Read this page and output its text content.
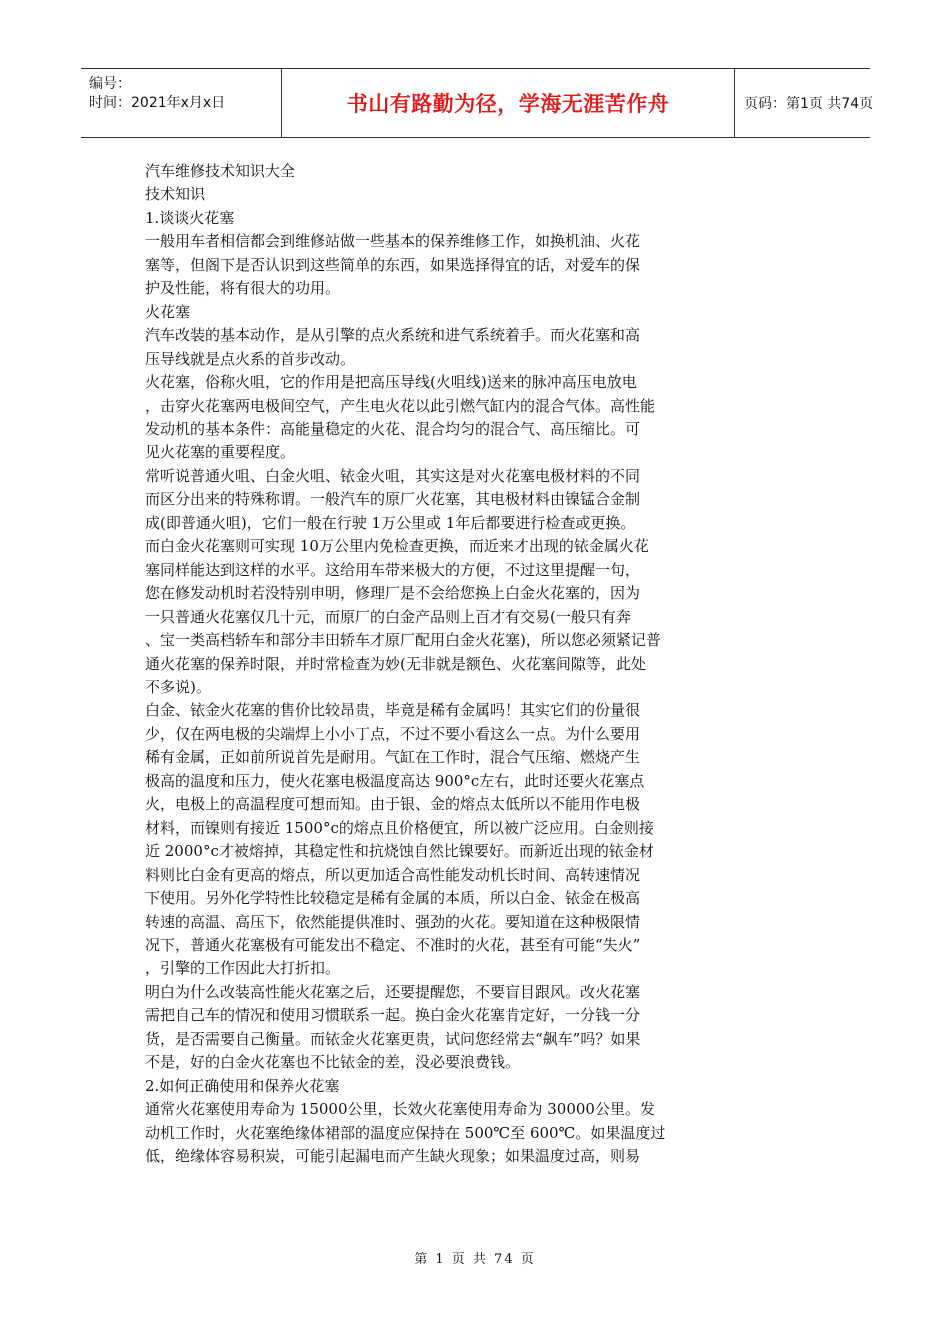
编号：
时间：2021年x月x日	书山有路勤为径，学海无涯苦作舟	页码：第1页 共74页

汽车维修技术知识大全

技术知识

1.谈谈火花塞

一般用车者相信都会到维修站做一些基本的保养维修工作，如换机油、火花

塞等，但阁下是否认识到这些简单的东西，如果选择得宜的话，对爱车的保

护及性能，将有很大的功用。

火花塞

汽车改装的基本动作，是从引擎的点火系统和进气系统着手。而火花塞和高

压导线就是点火系的首步改动。

火花塞，俗称火咀，它的作用是把高压导线(火咀线)送来的脉冲高压电放电

，击穿火花塞两电极间空气，产生电火花以此引燃气缸内的混合气体。高性能

发动机的基本条件：高能量稳定的火花、混合均匀的混合气、高压缩比。可

见火花塞的重要程度。

常听说普通火咀、白金火咀、铱金火咀，其实这是对火花塞电极材料的不同

而区分出来的特殊称谓。一般汽车的原厂火花塞，其电极材料由镍锰合金制

成(即普通火咀)，它们一般在行驶 1万公里或 1年后都要进行检查或更换。

而白金火花塞则可实现 10万公里内免检查更换，而近来才出现的铱金属火花

塞同样能达到这样的水平。这给用车带来极大的方便，不过这里提醒一句，

您在修发动机时若没特别申明，修理厂是不会给您换上白金火花塞的，因为

一只普通火花塞仅几十元，而原厂的白金产品则上百才有交易(一般只有奔

、宝一类高档轿车和部分丰田轿车才原厂配用白金火花塞)，所以您必须紧记普

通火花塞的保养时限，并时常检查为妙(无非就是额色、火花塞间隙等，此处

不多说)。

白金、铱金火花塞的售价比较昂贵，毕竟是稀有金属吗！其实它们的份量很

少，仅在两电极的尖端焊上小小丁点，不过不要小看这么一点。为什么要用

稀有金属，正如前所说首先是耐用。气缸在工作时，混合气压缩、燃烧产生

极高的温度和压力，使火花塞电极温度高达 900°c左右，此时还要火花塞点

火，电极上的高温程度可想而知。由于银、金的熔点太低所以不能用作电极

材料，而镍则有接近 1500°c的熔点且价格便宜，所以被广泛应用。白金则接

近 2000°c才被熔掉，其稳定性和抗烧蚀自然比镍要好。而新近出现的铱金材

料则比白金有更高的熔点，所以更加适合高性能发动机长时间、高转速情况

下使用。另外化学特性比较稳定是稀有金属的本质，所以白金、铱金在极高

转速的高温、高压下，依然能提供准时、强劲的火花。要知道在这种极限情

况下，普通火花塞极有可能发出不稳定、不准时的火花，甚至有可能“失火”

，引擎的工作因此大打折扣。

明白为什么改装高性能火花塞之后，还要提醒您，不要盲目跟风。改火花塞

需把自己车的情况和使用习惯联系一起。换白金火花塞肯定好，一分钱一分

货，是否需要自己衡量。而铱金火花塞更贵，试问您经常去“飙车”吗？如果

不是，好的白金火花塞也不比铱金的差，没必要浪费钱。

2.如何正确使用和保养火花塞

通常火花塞使用寿命为 15000公里，长效火花塞使用寿命为 30000公里。发

动机工作时，火花塞绝缘体裙部的温度应保持在 500℃至 600℃。如果温度过

低，绝缘体容易积炭，可能引起漏电而产生缺火现象；如果温度过高，则易

第 1 页 共 74 页
